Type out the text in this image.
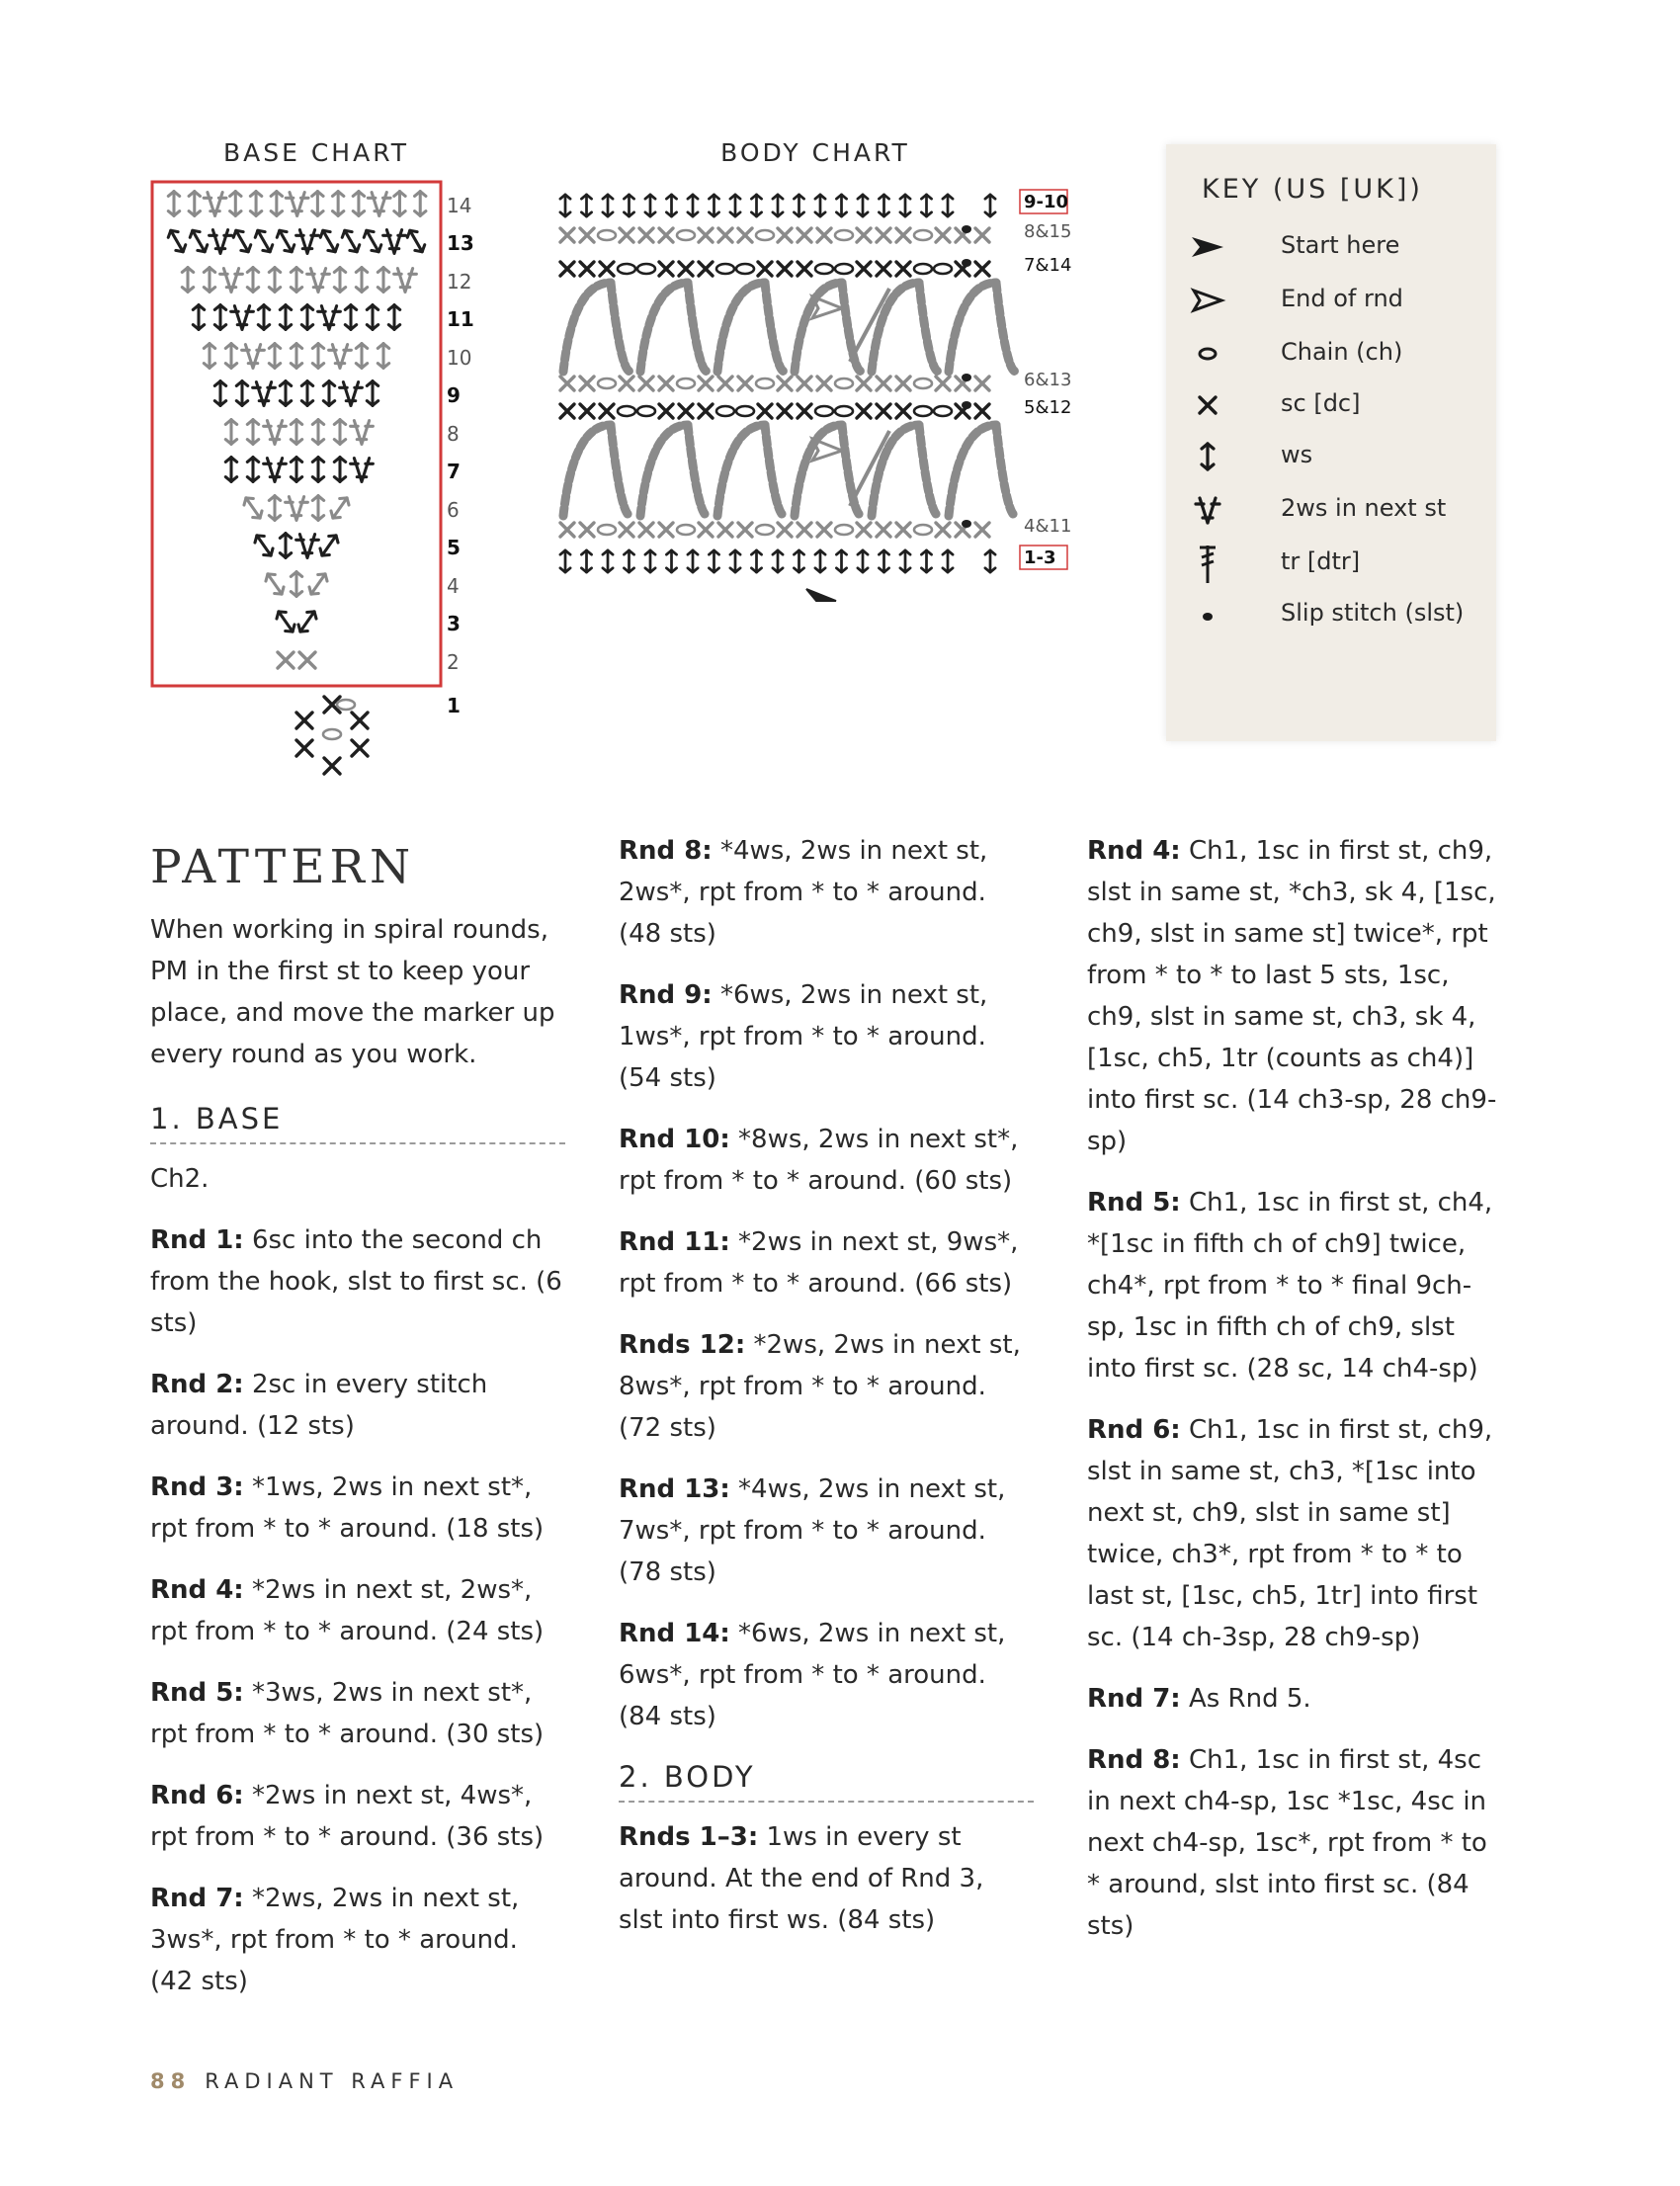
BASE CHART	BODY CHART
14
13
12
11
10
9
8
7
6
5
4
3
2
1
9-10
8&15
7&14
6&13
5&12
4&11
1-3
KEY (US [UK])
Start here
End of rnd
Chain (ch)
sc [dc]
ws
2ws in next st
tr [dtr]
Slip stitch (slst)
PATTERN

When working in spiral rounds, PM in the first st to keep your place, and move the marker up every round as you work.

1. BASE

Ch2.

Rnd 1: 6sc into the second ch from the hook, slst to first sc. (6 sts)

Rnd 2: 2sc in every stitch around. (12 sts)

Rnd 3: *1ws, 2ws in next st*, rpt from * to * around. (18 sts)

Rnd 4: *2ws in next st, 2ws*, rpt from * to * around. (24 sts)

Rnd 5: *3ws, 2ws in next st*, rpt from * to * around. (30 sts)

Rnd 6: *2ws in next st, 4ws*, rpt from * to * around. (36 sts)

Rnd 7: *2ws, 2ws in next st, 3ws*, rpt from * to * around. (42 sts)

Rnd 8: *4ws, 2ws in next st, 2ws*, rpt from * to * around. (48 sts)

Rnd 9: *6ws, 2ws in next st, 1ws*, rpt from * to * around. (54 sts)

Rnd 10: *8ws, 2ws in next st*, rpt from * to * around. (60 sts)

Rnd 11: *2ws in next st, 9ws*, rpt from * to * around. (66 sts)

Rnds 12: *2ws, 2ws in next st, 8ws*, rpt from * to * around. (72 sts)

Rnd 13: *4ws, 2ws in next st, 7ws*, rpt from * to * around. (78 sts)

Rnd 14: *6ws, 2ws in next st, 6ws*, rpt from * to * around. (84 sts)

2. BODY

Rnds 1–3: 1ws in every st around. At the end of Rnd 3, slst into first ws. (84 sts)

Rnd 4: Ch1, 1sc in first st, ch9, slst in same st, *ch3, sk 4, [1sc, ch9, slst in same st] twice*, rpt from * to * to last 5 sts, 1sc, ch9, slst in same st, ch3, sk 4, [1sc, ch5, 1tr (counts as ch4)] into first sc. (14 ch3-sp, 28 ch9-sp)

Rnd 5: Ch1, 1sc in first st, ch4, *[1sc in fifth ch of ch9] twice, ch4*, rpt from * to * final 9ch-sp, 1sc in fifth ch of ch9, slst into first sc. (28 sc, 14 ch4-sp)

Rnd 6: Ch1, 1sc in first st, ch9, slst in same st, ch3, *[1sc into next st, ch9, slst in same st] twice, ch3*, rpt from * to * to last st, [1sc, ch5, 1tr] into first sc. (14 ch-3sp, 28 ch9-sp)

Rnd 7: As Rnd 5.

Rnd 8: Ch1, 1sc in first st, 4sc in next ch4-sp, 1sc *1sc, 4sc in next ch4-sp, 1sc*, rpt from * to * around, slst into first sc. (84 sts)

88 RADIANT RAFFIA
